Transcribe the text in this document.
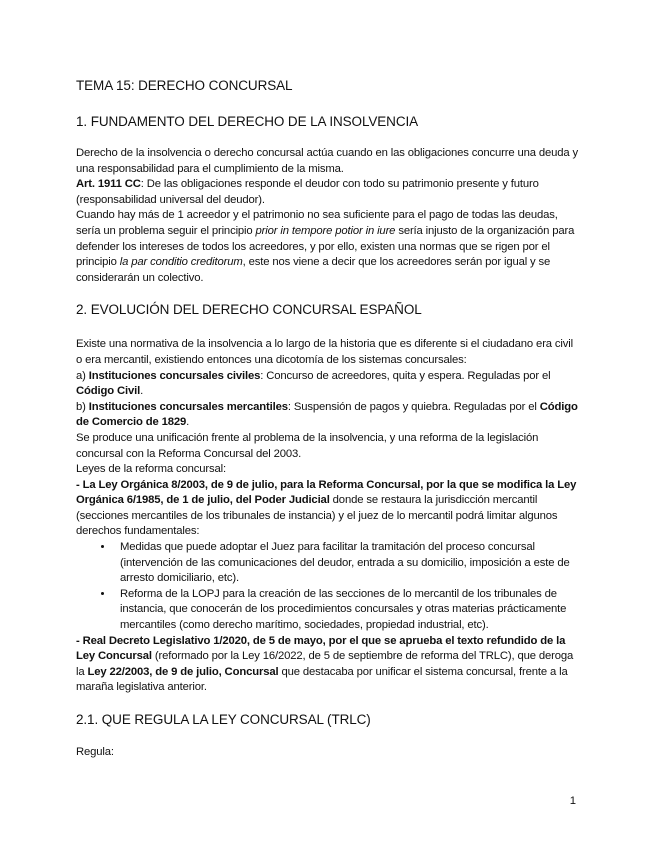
TEMA 15: DERECHO CONCURSAL
1. FUNDAMENTO DEL DERECHO DE LA INSOLVENCIA

Derecho de la insolvencia o derecho concursal actúa cuando en las obligaciones concurre una deuda y una responsabilidad para el cumplimiento de la misma.

Art. 1911 CC: De las obligaciones responde el deudor con todo su patrimonio presente y futuro (responsabilidad universal del deudor).

Cuando hay más de 1 acreedor y el patrimonio no sea suficiente para el pago de todas las deudas, sería un problema seguir el principio prior in tempore potior in iure sería injusto de la organización para defender los intereses de todos los acreedores, y por ello, existen una normas que se rigen por el principio la par conditio creditorum, este nos viene a decir que los acreedores serán por igual y se considerarán un colectivo.

2. EVOLUCIÓN DEL DERECHO CONCURSAL ESPAÑOL

Existe una normativa de la insolvencia a lo largo de la historia que es diferente si el ciudadano era civil o era mercantil, existiendo entonces una dicotomía de los sistemas concursales:

a) Instituciones concursales civiles: Concurso de acreedores, quita y espera. Reguladas por el Código Civil.

b) Instituciones concursales mercantiles: Suspensión de pagos y quiebra. Reguladas por el Código de Comercio de 1829.

Se produce una unificación frente al problema de la insolvencia, y una reforma de la legislación concursal con la Reforma Concursal del 2003.

Leyes de la reforma concursal:

- La Ley Orgánica 8/2003, de 9 de julio, para la Reforma Concursal, por la que se modifica la Ley Orgánica 6/1985, de 1 de julio, del Poder Judicial donde se restaura la jurisdicción mercantil (secciones mercantiles de los tribunales de instancia) y el juez de lo mercantil podrá limitar algunos derechos fundamentales:

• Medidas que puede adoptar el Juez para facilitar la tramitación del proceso concursal (intervención de las comunicaciones del deudor, entrada a su domicilio, imposición a este de arresto domiciliario, etc).
• Reforma de la LOPJ para la creación de las secciones de lo mercantil de los tribunales de instancia, que conocerán de los procedimientos concursales y otras materias prácticamente mercantiles (como derecho marítimo, sociedades, propiedad industrial, etc).

- Real Decreto Legislativo 1/2020, de 5 de mayo, por el que se aprueba el texto refundido de la Ley Concursal (reformado por la Ley 16/2022, de 5 de septiembre de reforma del TRLC), que deroga la Ley 22/2003, de 9 de julio, Concursal que destacaba por unificar el sistema concursal, frente a la maraña legislativa anterior.

2.1. QUE REGULA LA LEY CONCURSAL (TRLC)

Regula:

1
